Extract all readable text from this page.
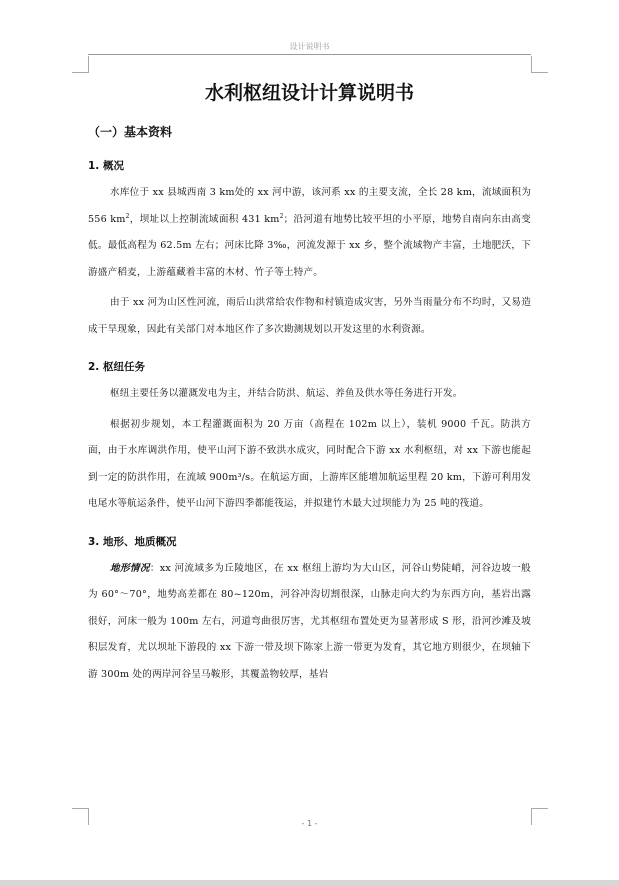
设计说明书
水利枢纽设计计算说明书
（一）基本资料
1. 概况

水库位于 xx 县城西南 3 km处的 xx 河中游，该河系 xx 的主要支流，全长 28 km，流域面积为 556 $km^2$，坝址以上控制流域面积 431 $km^2$；沿河道有地势比较平坦的小平原，地势自南向东由高变低。最低高程为 62.5m 左右；河床比降 3‰，河流发源于 xx 乡，整个流域物产丰富，土地肥沃，下游盛产稻麦，上游蕴藏着丰富的木材、竹子等土特产。

由于 xx 河为山区性河流，雨后山洪常给农作物和村镇造成灾害，另外当雨量分布不均时，又易造成干旱现象，因此有关部门对本地区作了多次勘测规划以开发这里的水利资源。

2. 枢纽任务

枢纽主要任务以灌溉发电为主，并结合防洪、航运、养鱼及供水等任务进行开发。

根据初步规划，本工程灌溉面积为 20 万亩（高程在 102m 以上），装机 9000 千瓦。防洪方面，由于水库调洪作用，使平山河下游不致洪水成灾，同时配合下游 xx 水利枢纽，对 xx 下游也能起到一定的防洪作用，在流域 900m³/s。在航运方面，上游库区能增加航运里程 20 km，下游可利用发电尾水等航运条件，使平山河下游四季都能筏运，并拟建竹木最大过坝能力为 25 吨的筏道。

3. 地形、地质概况

地形情况：xx 河流域多为丘陵地区，在 xx 枢纽上游均为大山区，河谷山势陡峭，河谷边坡一般为 60°～70°，地势高差都在 80~120m，河谷冲沟切割很深，山脉走向大约为东西方向，基岩出露很好，河床一般为 100m 左右，河道弯曲很厉害，尤其枢纽布置处更为显著形成 S 形，沿河沙滩及坡积层发育，尤以坝址下游段的 xx 下游一带及坝下陈家上游一带更为发育，其它地方则很少，在坝轴下游 300m 处的两岸河谷呈马鞍形，其覆盖物较厚，基岩

- 1 -
